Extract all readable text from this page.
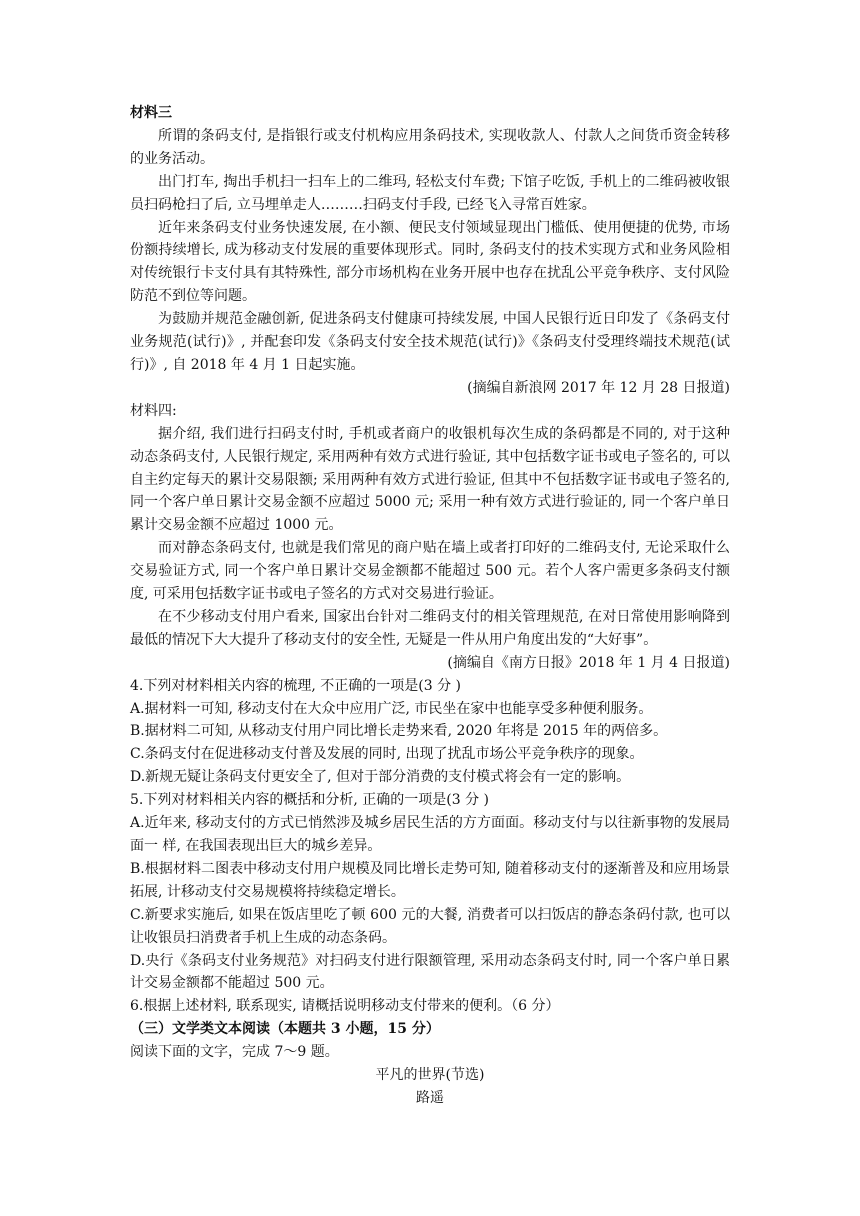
材料三

所谓的条码支付, 是指银行或支付机构应用条码技术, 实现收款人、付款人之间货币资金转移的业务活动。

出门打车, 掏出手机扫一扫车上的二维玛, 轻松支付车费; 下馆子吃饭, 手机上的二维码被收银员扫码枪扫了后, 立马埋单走人………扫码支付手段, 已经飞入寻常百姓家。

近年来条码支付业务快速发展, 在小额、便民支付领域显现出门槛低、使用便捷的优势, 市场份额持续增长, 成为移动支付发展的重要体现形式。同时, 条码支付的技术实现方式和业务风险相对传统银行卡支付具有其特殊性, 部分市场机构在业务开展中也存在扰乱公平竞争秩序、支付风险防范不到位等问题。

为鼓励并规范金融创新, 促进条码支付健康可持续发展, 中国人民银行近日印发了《条码支付业务规范(试行)》, 并配套印发《条码支付安全技术规范(试行)》《条码支付受理终端技术规范(试行)》, 自 2018 年 4 月 1 日起实施。

(摘编自新浪网 2017 年 12 月 28 日报道)

材料四:

据介绍, 我们进行扫码支付时, 手机或者商户的收银机每次生成的条码都是不同的, 对于这种动态条码支付, 人民银行规定, 采用两种有效方式进行验证, 其中包括数字证书或电子签名的, 可以自主约定每天的累计交易限额; 采用两种有效方式进行验证, 但其中不包括数字证书或电子签名的, 同一个客户单日累计交易金额不应超过 5000 元; 采用一种有效方式进行验证的, 同一个客户单日累计交易金额不应超过 1000 元。

而对静态条码支付, 也就是我们常见的商户贴在墙上或者打印好的二维码支付, 无论采取什么交易验证方式, 同一个客户单日累计交易金额都不能超过 500 元。若个人客户需更多条码支付额度, 可采用包括数字证书或电子签名的方式对交易进行验证。

在不少移动支付用户看来, 国家出台针对二维码支付的相关管理规范, 在对日常使用影响降到最低的情况下大大提升了移动支付的安全性, 无疑是一件从用户角度出发的“大好事”。

(摘编自《南方日报》2018 年 1 月 4 日报道)

4.下列对材料相关内容的梳理, 不正确的一项是(3 分 )

A.据材料一可知, 移动支付在大众中应用广泛, 市民坐在家中也能享受多种便利服务。

B.据材料二可知, 从移动支付用户同比增长走势来看, 2020 年将是 2015 年的两倍多。

C.条码支付在促进移动支付普及发展的同时, 出现了扰乱市场公平竞争秩序的现象。

D.新规无疑让条码支付更安全了, 但对于部分消费的支付模式将会有一定的影响。

5.下列对材料相关内容的概括和分析, 正确的一项是(3 分 )

A.近年来, 移动支付的方式已悄然涉及城乡居民生活的方方面面。移动支付与以往新事物的发展局面一 样, 在我国表现出巨大的城乡差异。

B.根据材料二图表中移动支付用户规模及同比增长走势可知, 随着移动支付的逐渐普及和应用场景拓展, 计移动支付交易规模将持续稳定增长。

C.新要求实施后, 如果在饭店里吃了顿 600 元的大餐, 消费者可以扫饭店的静态条码付款, 也可以让收银员扫消费者手机上生成的动态条码。

D.央行《条码支付业务规范》对扫码支付进行限额管理, 采用动态条码支付时, 同一个客户单日累计交易金额都不能超过 500 元。

6.根据上述材料, 联系现实, 请概括说明移动支付带来的便利。（6 分）

（三）文学类文本阅读（本题共 3 小题，15 分）

阅读下面的文字，完成 7～9 题。

平凡的世界(节选)

路遥
